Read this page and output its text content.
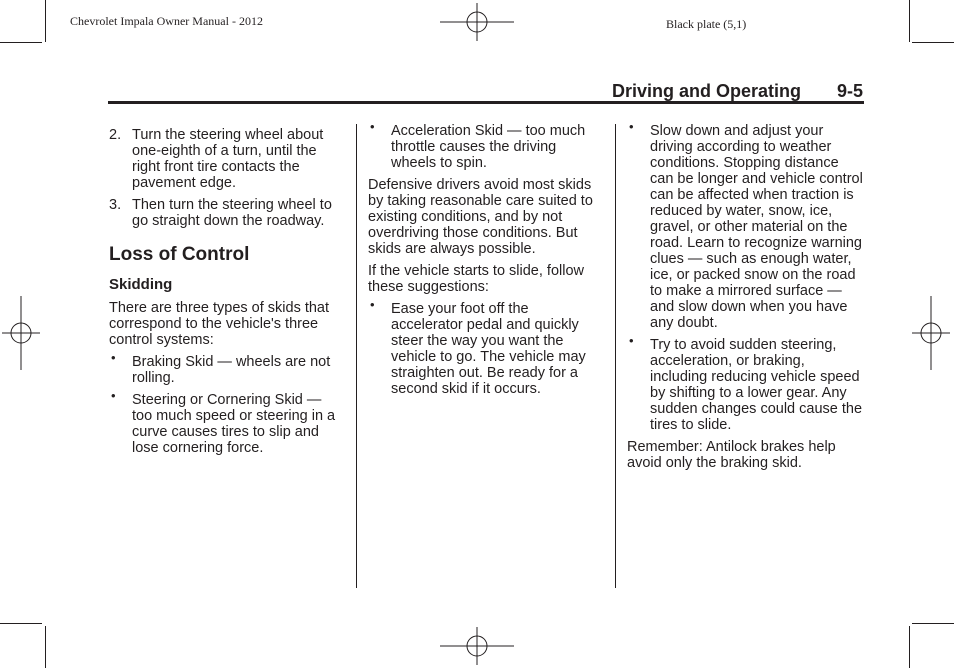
Chevrolet Impala Owner Manual - 2012	Black plate (5,1)
Driving and Operating 9-5
2. Turn the steering wheel about one-eighth of a turn, until the right front tire contacts the pavement edge.
3. Then turn the steering wheel to go straight down the roadway.
Loss of Control
Skidding

There are three types of skids that correspond to the vehicle's three control systems:

• Braking Skid — wheels are not rolling.
• Steering or Cornering Skid — too much speed or steering in a curve causes tires to slip and lose cornering force.
• Acceleration Skid — too much throttle causes the driving wheels to spin.

Defensive drivers avoid most skids by taking reasonable care suited to existing conditions, and by not overdriving those conditions. But skids are always possible.

If the vehicle starts to slide, follow these suggestions:

• Ease your foot off the accelerator pedal and quickly steer the way you want the vehicle to go. The vehicle may straighten out. Be ready for a second skid if it occurs.
• Slow down and adjust your driving according to weather conditions. Stopping distance can be longer and vehicle control can be affected when traction is reduced by water, snow, ice, gravel, or other material on the road. Learn to recognize warning clues — such as enough water, ice, or packed snow on the road to make a mirrored surface — and slow down when you have any doubt.
• Try to avoid sudden steering, acceleration, or braking, including reducing vehicle speed by shifting to a lower gear. Any sudden changes could cause the tires to slide.

Remember: Antilock brakes help avoid only the braking skid.
